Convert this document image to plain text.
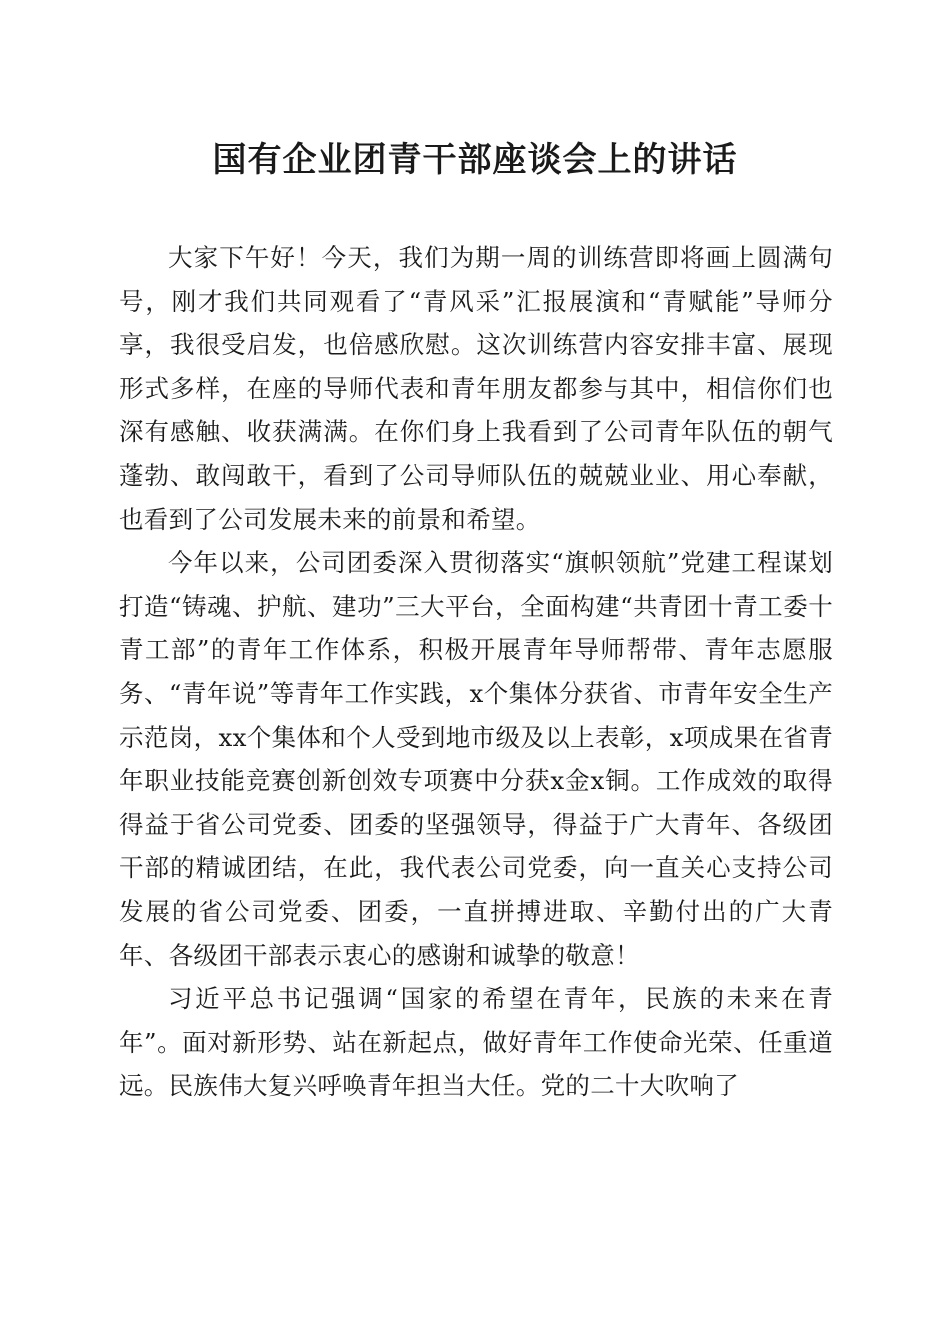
国有企业团青干部座谈会上的讲话

大家下午好！今天，我们为期一周的训练营即将画上圆满句号，刚才我们共同观看了“青风采”汇报展演和“青赋能”导师分享，我很受启发，也倍感欣慰。这次训练营内容安排丰富、展现形式多样，在座的导师代表和青年朋友都参与其中，相信你们也深有感触、收获满满。在你们身上我看到了公司青年队伍的朝气蓬勃、敢闯敢干，看到了公司导师队伍的兢兢业业、用心奉献，也看到了公司发展未来的前景和希望。

今年以来，公司团委深入贯彻落实“旗帜领航”党建工程谋划打造“铸魂、护航、建功”三大平台，全面构建“共青团十青工委十青工部”的青年工作体系，积极开展青年导师帮带、青年志愿服务、“青年说”等青年工作实践，x个集体分获省、市青年安全生产示范岗，xx个集体和个人受到地市级及以上表彰，x项成果在省青年职业技能竞赛创新创效专项赛中分获x金x铜。工作成效的取得得益于省公司党委、团委的坚强领导，得益于广大青年、各级团干部的精诚团结，在此，我代表公司党委，向一直关心支持公司发展的省公司党委、团委，一直拼搏进取、辛勤付出的广大青年、各级团干部表示衷心的感谢和诚挚的敬意！

习近平总书记强调“国家的希望在青年，民族的未来在青年”。面对新形势、站在新起点，做好青年工作使命光荣、任重道远。民族伟大复兴呼唤青年担当大任。党的二十大吹响了
